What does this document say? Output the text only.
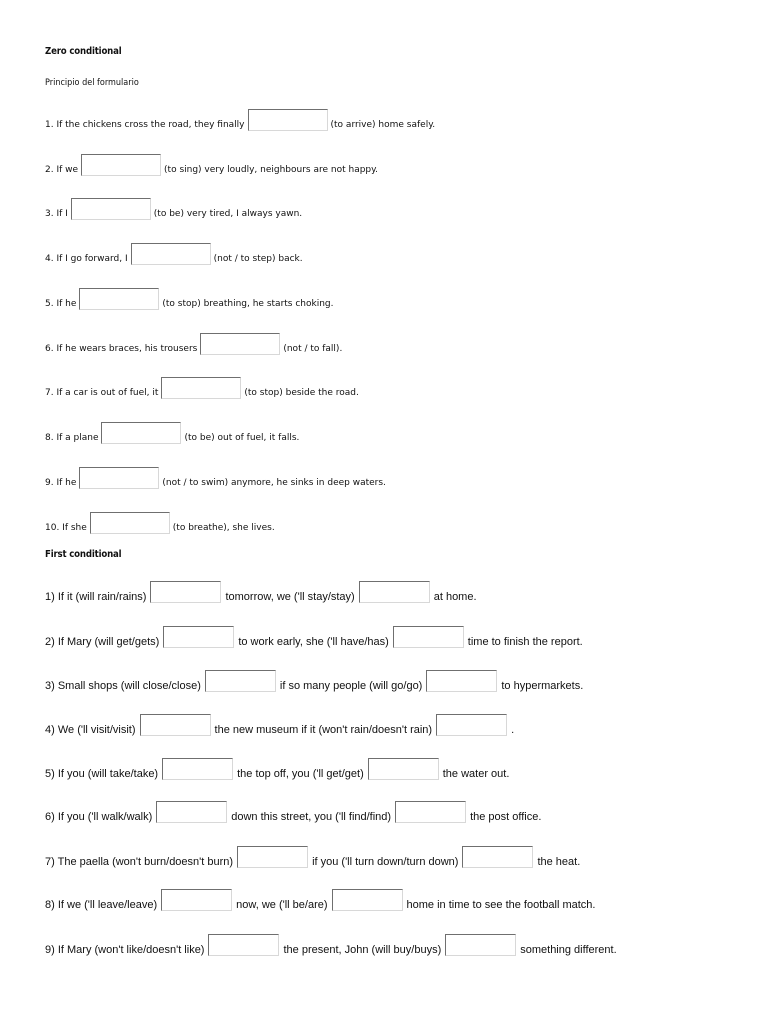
Zero conditional
Principio del formulario
1. If the chickens cross the road, they finally	(to arrive) home safely.
2. If we	(to sing) very loudly, neighbours are not happy.
3. If I	(to be) very tired, I always yawn.
4. If I go forward, I	(not / to step) back.
5. If he	(to stop) breathing, he starts choking.
6. If he wears braces, his trousers	(not / to fall).
7. If a car is out of fuel, it	(to stop) beside the road.
8. If a plane	(to be) out of fuel, it falls.
9. If he	(not / to swim) anymore, he sinks in deep waters.
10. If she	(to breathe), she lives.
First conditional
1) If it (will rain/rains)	tomorrow, we ('ll stay/stay)	at home.
2) If Mary (will get/gets)	to work early, she ('ll have/has)	time to finish the report.
3) Small shops (will close/close)	if so many people (will go/go)	to hypermarkets.
4) We ('ll visit/visit)	the new museum if it (won't rain/doesn't rain)	.
5) If you (will take/take)	the top off, you ('ll get/get)	the water out.
6) If you ('ll walk/walk)	down this street, you ('ll find/find)	the post office.
7) The paella (won't burn/doesn't burn)	if you ('ll turn down/turn down)	the heat.
8) If we ('ll leave/leave)	now, we ('ll be/are)	home in time to see the football match.
9) If Mary (won't like/doesn't like)	the present, John (will buy/buys)	something different.
